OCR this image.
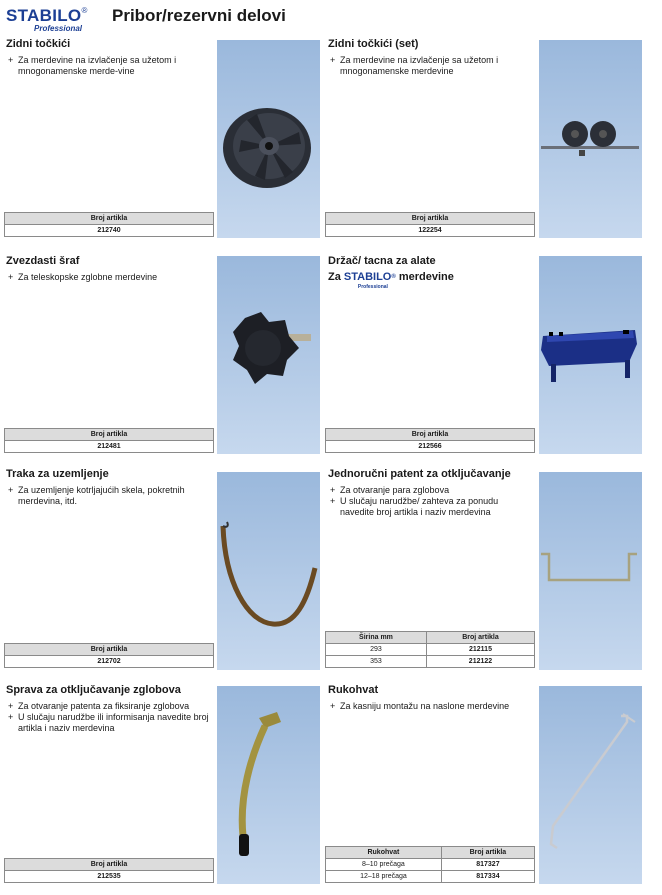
STABILO®
Professional
Pribor/rezervni delovi
Zidni točkići
+ Za merdevine na izvlačenje sa užetom i mnogonamenske merde-vine
Broj artikla
212740
Zidni točkići (set)
+ Za merdevine na izvlačenje sa užetom i mnogonamenske merdevine
Broj artikla
122254
Zvezdasti šraf
+ Za teleskopske zglobne merdevine
Broj artikla
212481
Držač/ tacna za alate
Za STABILO®
Professional
merdevine
Broj artikla
212566
Traka za uzemljenje
+ Za uzemljenje kotrljajućih skela, pokretnih merdevina, itd.
Broj artikla
212702
Jednoručni patent za otključavanje
+ Za otvaranje para zglobova
+ U slučaju narudžbe/ zahteva za ponudu navedite broj artikla i naziv merdevina
Širina mm	Broj artikla
293	212115
353	212122
Sprava za otključavanje zglobova
+ Za otvaranje patenta za fiksiranje zglobova
+ U slučaju narudžbe ili informisanja navedite broj artikla i naziv merdevina
Broj artikla
212535
Rukohvat
+ Za kasniju montažu na naslone merdevine
Rukohvat	Broj artikla
8–10 prečaga	817327
12–18 prečaga	817334
